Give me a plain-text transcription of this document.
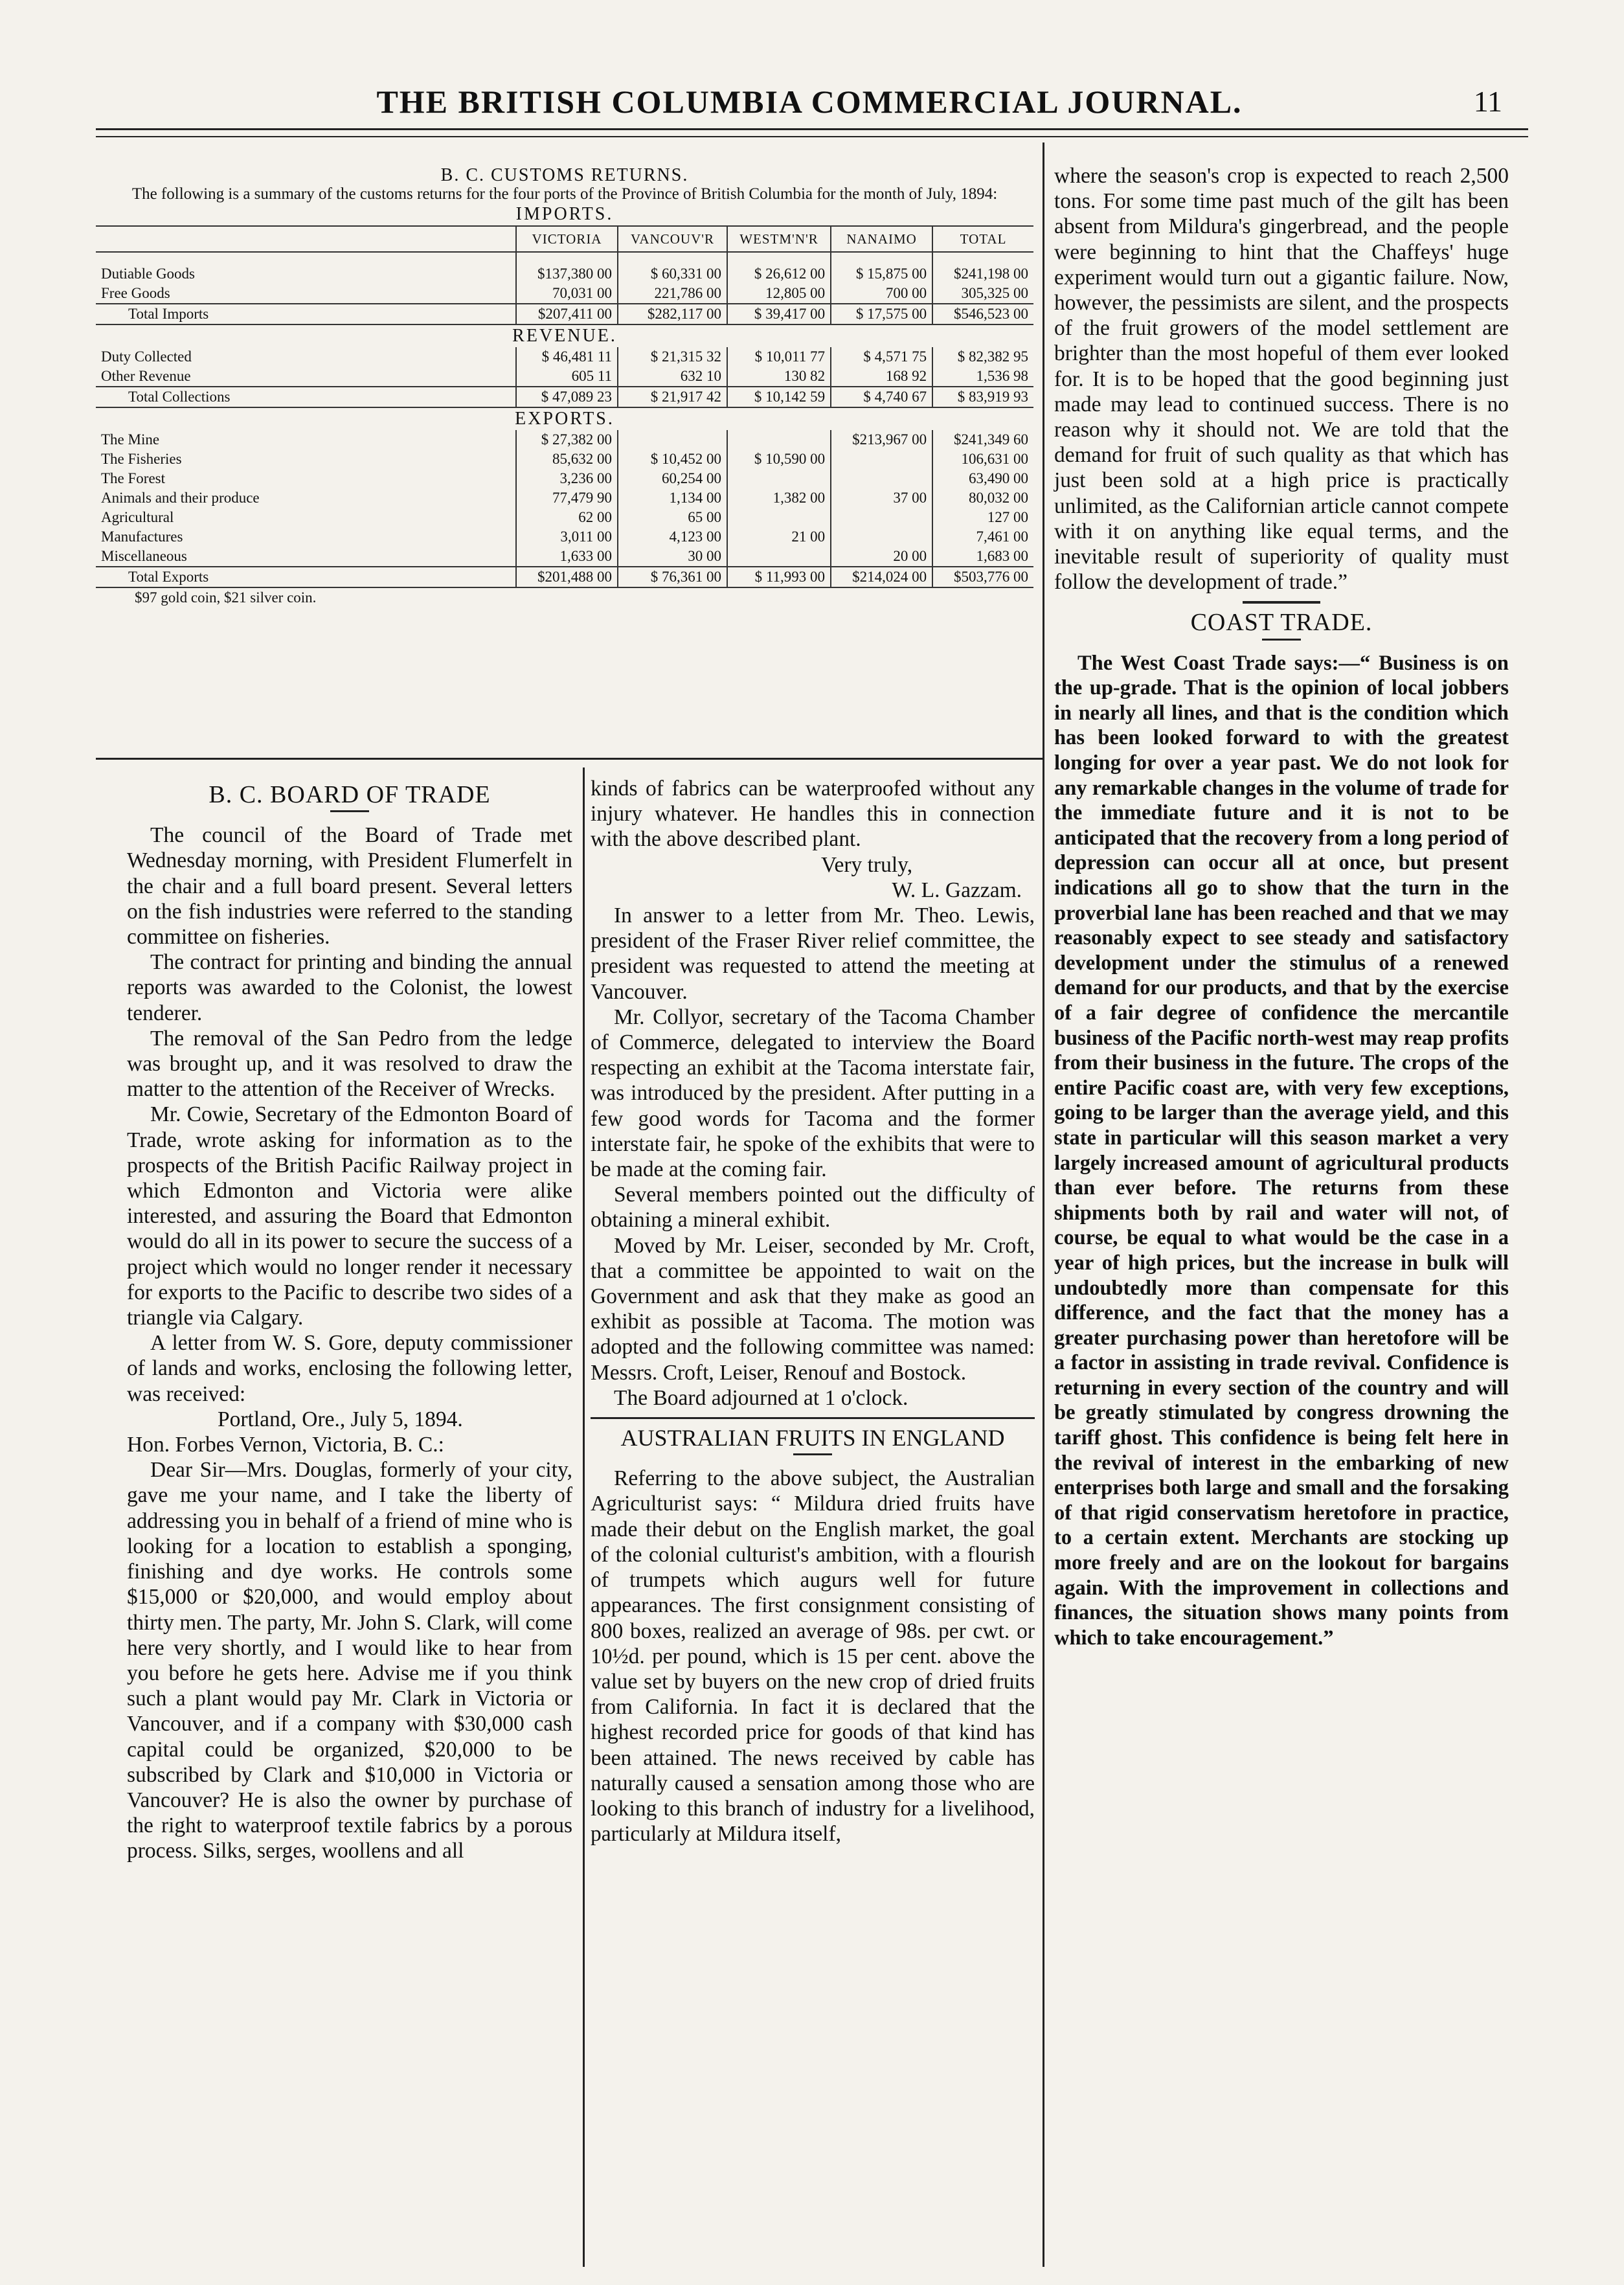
THE BRITISH COLUMBIA COMMERCIAL JOURNAL.	11
B. C. CUSTOMS RETURNS.
The following is a summary of the customs returns for the four ports of the Province of British Columbia for the month of July, 1894:
IMPORTS.
	VICTORIA	VANCOUV'R	WESTM'N'R	NANAIMO	TOTAL

Dutiable Goods	$137,380 00	$ 60,331 00	$ 26,612 00	$ 15,875 00	$241,198 00
Free Goods	70,031 00	221,786 00	12,805 00	700 00	305,325 00
Total Imports	$207,411 00	$282,117 00	$ 39,417 00	$ 17,575 00	$546,523 00

REVENUE.					

Duty Collected	$ 46,481 11	$ 21,315 32	$ 10,011 77	$ 4,571 75	$ 82,382 95
Other Revenue	605 11	632 10	130 82	168 92	1,536 98
Total Collections	$ 47,089 23	$ 21,917 42	$ 10,142 59	$ 4,740 67	$ 83,919 93

EXPORTS.					

The Mine	$ 27,382 00			$213,967 00	$241,349 60
The Fisheries	85,632 00	$ 10,452 00	$ 10,590 00		106,631 00
The Forest	3,236 00	60,254 00			63,490 00
Animals and their produce	77,479 90	1,134 00	1,382 00	37 00	80,032 00
Agricultural	62 00	65 00			127 00
Manufactures	3,011 00	4,123 00	21 00		7,461 00
Miscellaneous	1,633 00	30 00		20 00	1,683 00
Total Exports	$201,488 00	$ 76,361 00	$ 11,993 00	$214,024 00	$503,776 00
$97 gold coin, $21 silver coin.
B. C. BOARD OF TRADE

The council of the Board of Trade met Wednesday morning, with President Flumerfelt in the chair and a full board present. Several letters on the fish industries were referred to the standing committee on fisheries.

The contract for printing and binding the annual reports was awarded to the Colonist, the lowest tenderer.

The removal of the San Pedro from the ledge was brought up, and it was resolved to draw the matter to the attention of the Receiver of Wrecks.

Mr. Cowie, Secretary of the Edmonton Board of Trade, wrote asking for information as to the prospects of the British Pacific Railway project in which Edmonton and Victoria were alike interested, and assuring the Board that Edmonton would do all in its power to secure the success of a project which would no longer render it necessary for exports to the Pacific to describe two sides of a triangle via Calgary.

A letter from W. S. Gore, deputy commissioner of lands and works, enclosing the following letter, was received:

Portland, Ore., July 5, 1894.

Hon. Forbes Vernon, Victoria, B. C.:

Dear Sir—Mrs. Douglas, formerly of your city, gave me your name, and I take the liberty of addressing you in behalf of a friend of mine who is looking for a location to establish a sponging, finishing and dye works. He controls some $15,000 or $20,000, and would employ about thirty men. The party, Mr. John S. Clark, will come here very shortly, and I would like to hear from you before he gets here. Advise me if you think such a plant would pay Mr. Clark in Victoria or Vancouver, and if a company with $30,000 cash capital could be organized, $20,000 to be subscribed by Clark and $10,000 in Victoria or Vancouver? He is also the owner by purchase of the right to waterproof textile fabrics by a porous process. Silks, serges, woollens and all

kinds of fabrics can be waterproofed without any injury whatever. He handles this in connection with the above described plant.

Very truly,

W. L. Gazzam.

In answer to a letter from Mr. Theo. Lewis, president of the Fraser River relief committee, the president was requested to attend the meeting at Vancouver.

Mr. Collyor, secretary of the Tacoma Chamber of Commerce, delegated to interview the Board respecting an exhibit at the Tacoma interstate fair, was introduced by the president. After putting in a few good words for Tacoma and the former interstate fair, he spoke of the exhibits that were to be made at the coming fair.

Several members pointed out the difficulty of obtaining a mineral exhibit.

Moved by Mr. Leiser, seconded by Mr. Croft, that a committee be appointed to wait on the Government and ask that they make as good an exhibit as possible at Tacoma. The motion was adopted and the following committee was named: Messrs. Croft, Leiser, Renouf and Bostock.

The Board adjourned at 1 o'clock.

AUSTRALIAN FRUITS IN ENGLAND

Referring to the above subject, the Australian Agriculturist says: “ Mildura dried fruits have made their debut on the English market, the goal of the colonial culturist's ambition, with a flourish of trumpets which augurs well for future appearances. The first consignment consisting of 800 boxes, realized an average of 98s. per cwt. or 10½d. per pound, which is 15 per cent. above the value set by buyers on the new crop of dried fruits from California. In fact it is declared that the highest recorded price for goods of that kind has been attained. The news received by cable has naturally caused a sensation among those who are looking to this branch of industry for a livelihood, particularly at Mildura itself,

where the season's crop is expected to reach 2,500 tons. For some time past much of the gilt has been absent from Mildura's gingerbread, and the people were beginning to hint that the Chaffeys' huge experiment would turn out a gigantic failure. Now, however, the pessimists are silent, and the prospects of the fruit growers of the model settlement are brighter than the most hopeful of them ever looked for. It is to be hoped that the good beginning just made may lead to continued success. There is no reason why it should not. We are told that the demand for fruit of such quality as that which has just been sold at a high price is practically unlimited, as the Californian article cannot compete with it on anything like equal terms, and the inevitable result of superiority of quality must follow the development of trade.”

COAST TRADE.

The West Coast Trade says:—“ Business is on the up-grade. That is the opinion of local jobbers in nearly all lines, and that is the condition which has been looked forward to with the greatest longing for over a year past. We do not look for any remarkable changes in the volume of trade for the immediate future and it is not to be anticipated that the recovery from a long period of depression can occur all at once, but present indications all go to show that the turn in the proverbial lane has been reached and that we may reasonably expect to see steady and satisfactory development under the stimulus of a renewed demand for our products, and that by the exercise of a fair degree of confidence the mercantile business of the Pacific north-west may reap profits from their business in the future. The crops of the entire Pacific coast are, with very few exceptions, going to be larger than the average yield, and this state in particular will this season market a very largely increased amount of agricultural products than ever before. The returns from these shipments both by rail and water will not, of course, be equal to what would be the case in a year of high prices, but the increase in bulk will undoubtedly more than compensate for this difference, and the fact that the money has a greater purchasing power than heretofore will be a factor in assisting in trade revival. Confidence is returning in every section of the country and will be greatly stimulated by congress drowning the tariff ghost. This confidence is being felt here in the revival of interest in the embarking of new enterprises both large and small and the forsaking of that rigid conservatism heretofore in practice, to a certain extent. Merchants are stocking up more freely and are on the lookout for bargains again. With the improvement in collections and finances, the situation shows many points from which to take encouragement.”
